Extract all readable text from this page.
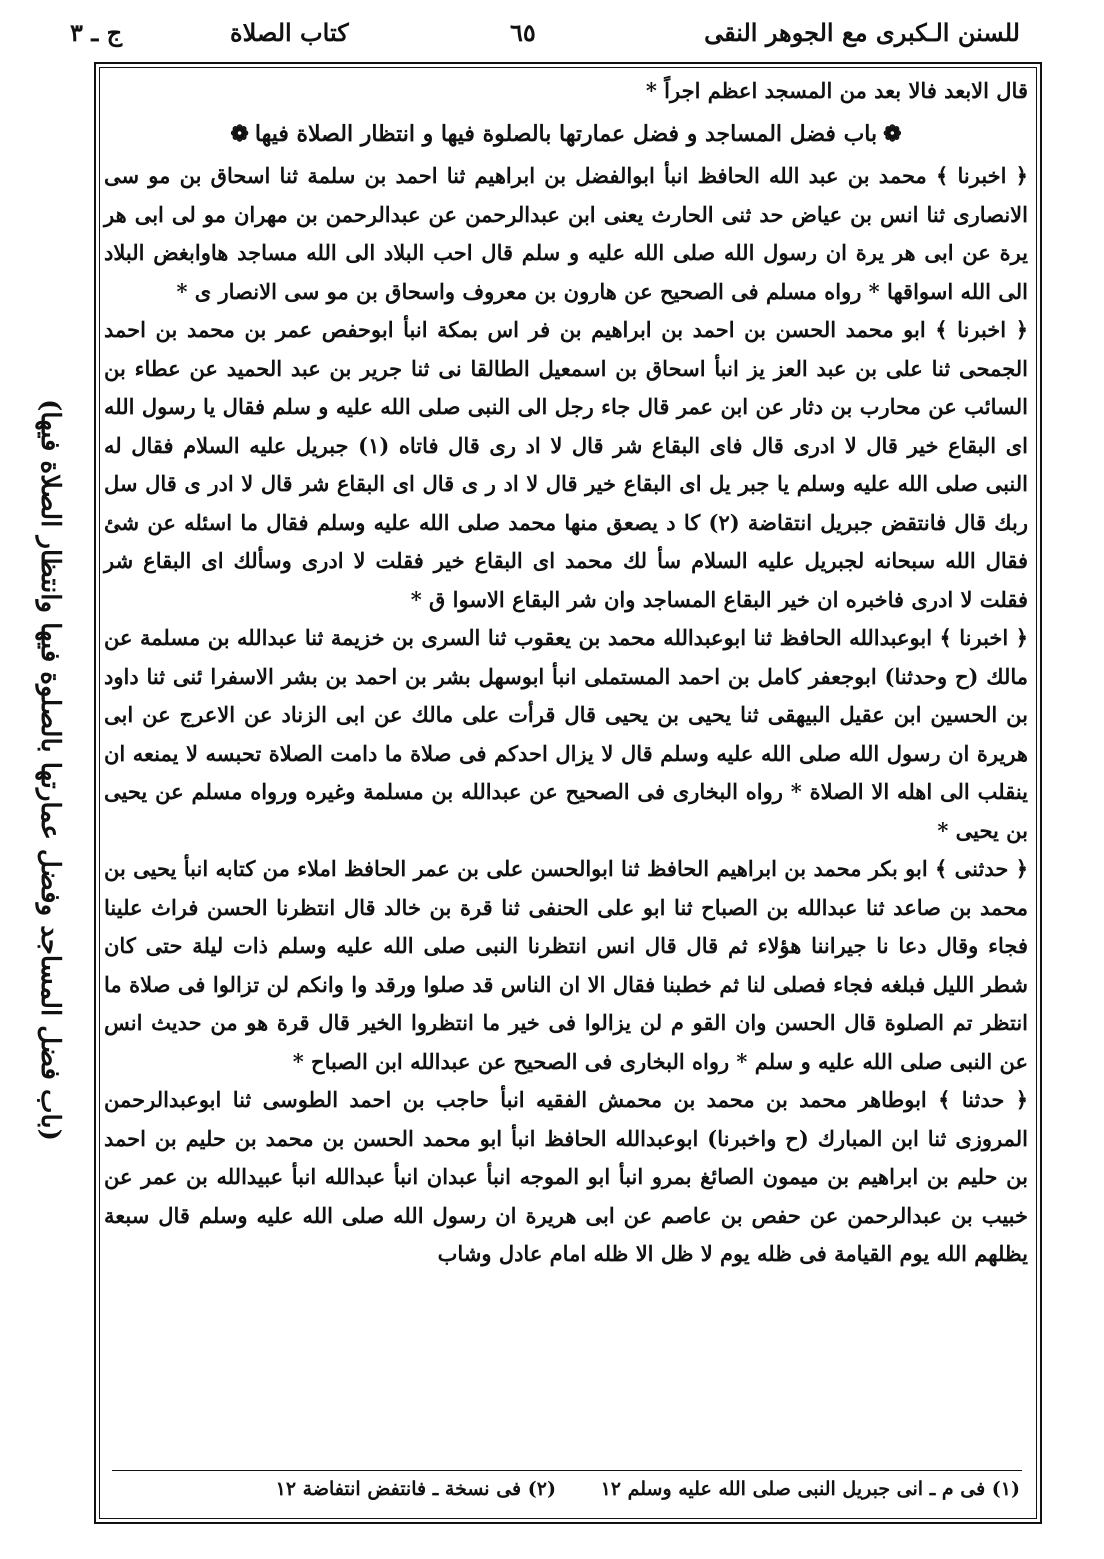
للسنن الـكبرى مع الجوهر النقى
٦٥
كتاب الصلاة
ج ـ ٣
(باب فضل المساجد وفضل عمارتها بالصلوة فيها وانتظار الصلاة فيها)

قال الابعد فالا بعد من المسجد اعظم اجراً *

❁باب فضل المساجد و فضل عمارتها بالصلوة فيها و انتظار الصلاة فيها❁

﴿ اخبرنا ﴾ محمد بن عبد الله الحافظ انبأ ابوالفضل بن ابراهيم ثنا احمد بن سلمة ثنا اسحاق بن مو سى الانصارى ثنا انس بن عياض حد ثنى الحارث يعنى ابن عبدالرحمن عن عبدالرحمن بن مهران مو لى ابى هر يرة عن ابى هر يرة ان رسول الله صلى الله عليه و سلم قال احب البلاد الى الله مساجد هاوابغض البلاد الى الله اسواقها * رواه مسلم فى الصحيح عن هارون بن معروف واسحاق بن مو سى الانصار ى *

﴿ اخبرنا ﴾ ابو محمد الحسن بن احمد بن ابراهيم بن فر اس بمكة انبأ ابوحفص عمر بن محمد بن احمد الجمحى ثنا على بن عبد العز يز انبأ اسحاق بن اسمعيل الطالقا نى ثنا جرير بن عبد الحميد عن عطاء بن السائب عن محارب بن دثار عن ابن عمر قال جاء رجل الى النبى صلى الله عليه و سلم فقال يا رسول الله اى البقاع خير قال لا ادرى قال فاى البقاع شر قال لا اد رى قال فاتاه (١) جبريل عليه السلام فقال له النبى صلى الله عليه وسلم يا جبر يل اى البقاع خير قال لا اد ر ى قال اى البقاع شر قال لا ادر ى قال سل ربك قال فانتقض جبريل انتقاضة (٢) كا د يصعق منها محمد صلى الله عليه وسلم فقال ما اسئله عن شئ فقال الله سبحانه لجبريل عليه السلام سأ لك محمد اى البقاع خير فقلت لا ادرى وسألك اى البقاع شر فقلت لا ادرى فاخبره ان خير البقاع المساجد وان شر البقاع الاسوا ق *

﴿ اخبرنا ﴾ ابوعبدالله الحافظ ثنا ابوعبدالله محمد بن يعقوب ثنا السرى بن خزيمة ثنا عبدالله بن مسلمة عن مالك (ح وحدثنا) ابوجعفر كامل بن احمد المستملى انبأ ابوسهل بشر بن احمد بن بشر الاسفرا ئنى ثنا داود بن الحسين ابن عقيل البيهقى ثنا يحيى بن يحيى قال قرأت على مالك عن ابى الزناد عن الاعرج عن ابى هريرة ان رسول الله صلى الله عليه وسلم قال لا يزال احدكم فى صلاة ما دامت الصلاة تحبسه لا يمنعه ان ينقلب الى اهله الا الصلاة * رواه البخارى فى الصحيح عن عبدالله بن مسلمة وغيره ورواه مسلم عن يحيى بن يحيى *

﴿ حدثنى ﴾ ابو بكر محمد بن ابراهيم الحافظ ثنا ابوالحسن على بن عمر الحافظ املاء من كتابه انبأ يحيى بن محمد بن صاعد ثنا عبدالله بن الصباح ثنا ابو على الحنفى ثنا قرة بن خالد قال انتظرنا الحسن فراث علينا فجاء وقال دعا نا جيراننا هؤلاء ثم قال قال انس انتظرنا النبى صلى الله عليه وسلم ذات ليلة حتى كان شطر الليل فبلغه فجاء فصلى لنا ثم خطبنا فقال الا ان الناس قد صلوا ورقد وا وانكم لن تزالوا فى صلاة ما انتظر تم الصلوة قال الحسن وان القو م لن يزالوا فى خير ما انتظروا الخير قال قرة هو من حديث انس عن النبى صلى الله عليه و سلم * رواه البخارى فى الصحيح عن عبدالله ابن الصباح *

﴿ حدثنا ﴾ ابوطاهر محمد بن محمد بن محمش الفقيه انبأ حاجب بن احمد الطوسى ثنا ابوعبدالرحمن المروزى ثنا ابن المبارك (ح واخبرنا) ابوعبدالله الحافظ انبأ ابو محمد الحسن بن محمد بن حليم بن احمد بن حليم بن ابراهيم بن ميمون الصائغ بمرو انبأ ابو الموجه انبأ عبدان انبأ عبدالله انبأ عبيدالله بن عمر عن خبيب بن عبدالرحمن عن حفص بن عاصم عن ابى هريرة ان رسول الله صلى الله عليه وسلم قال سبعة يظلهم الله يوم القيامة فى ظله يوم لا ظل الا ظله امام عادل وشاب

(١) فى م ـ انى جبريل النبى صلى الله عليه وسلم ١٢ (٢) فى نسخة ـ فانتفض انتفاضة ١٢
